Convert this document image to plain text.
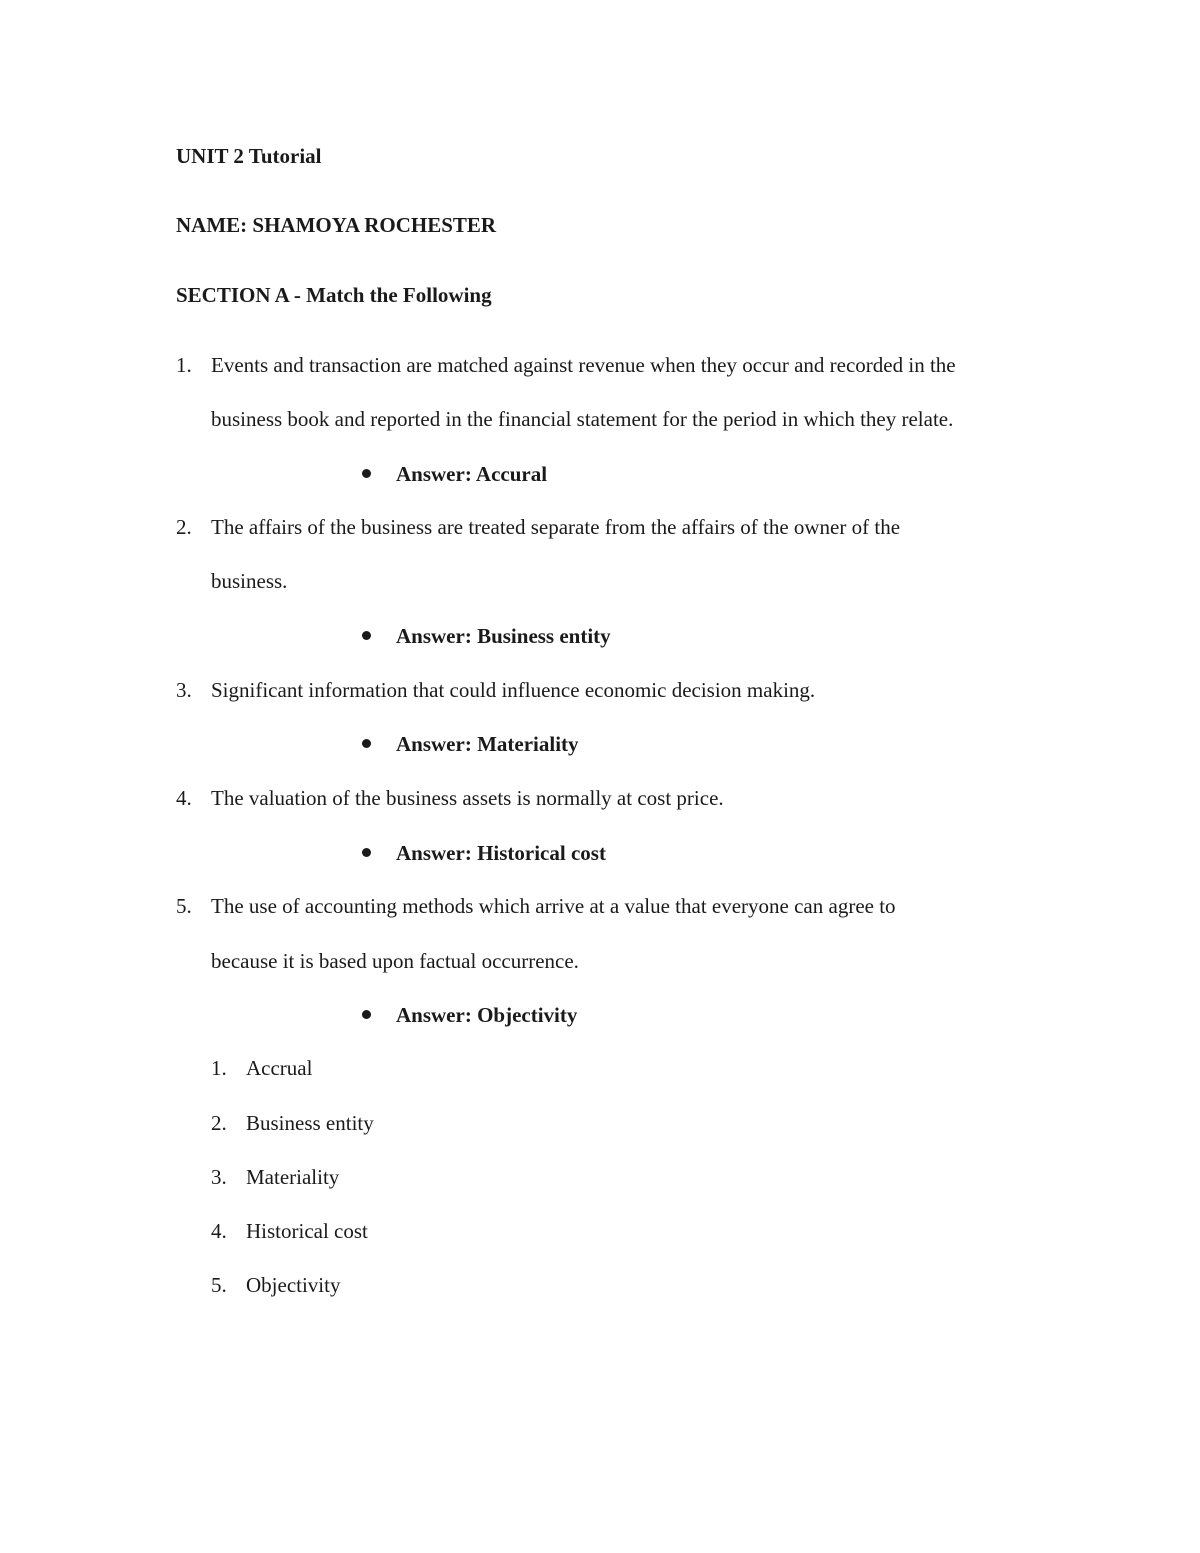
UNIT 2 Tutorial
NAME: SHAMOYA ROCHESTER
SECTION A - Match the Following
1. Events and transaction are matched against revenue when they occur and recorded in the
business book and reported in the financial statement for the period in which they relate.
Answer: Accural
2. The affairs of the business are treated separate from the affairs of the owner of the
business.
Answer: Business entity
3. Significant information that could influence economic decision making.
Answer: Materiality
4. The valuation of the business assets is normally at cost price.
Answer: Historical cost
5. The use of accounting methods which arrive at a value that everyone can agree to
because it is based upon factual occurrence.
Answer: Objectivity
1. Accrual
2. Business entity
3. Materiality
4. Historical cost
5. Objectivity
